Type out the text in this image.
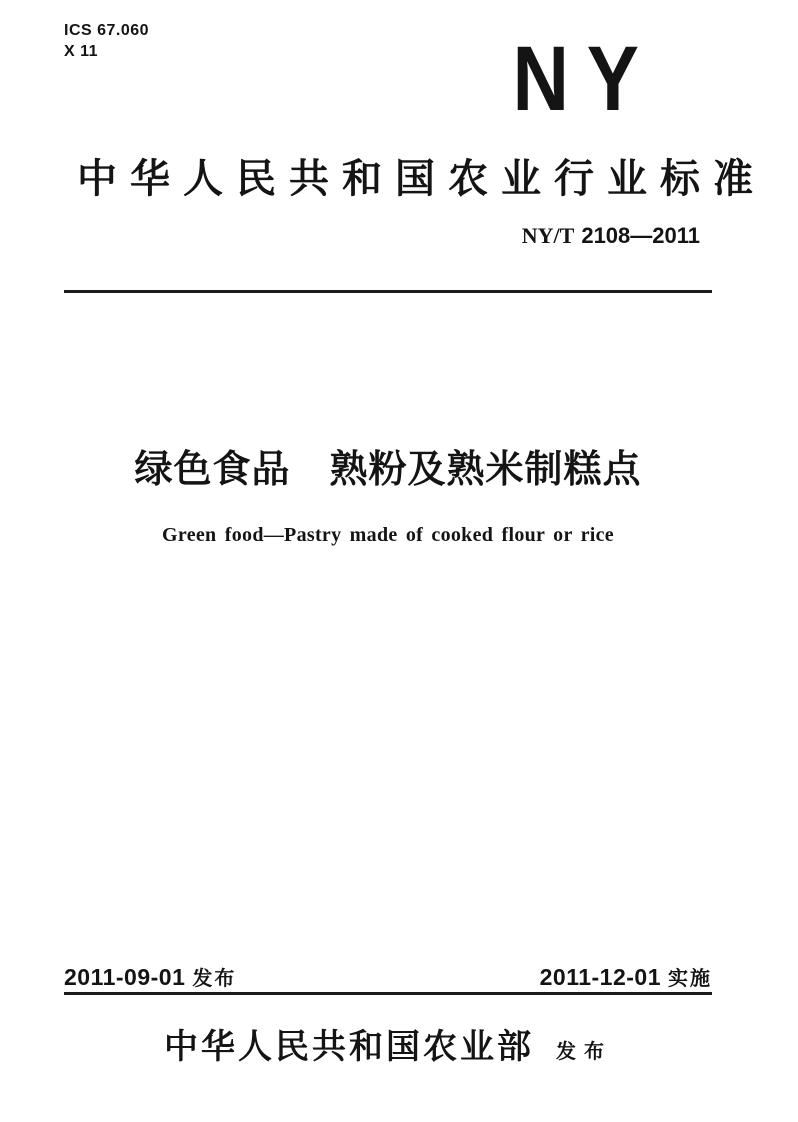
ICS 67.060
X 11	NY
中华人民共和国农业行业标准
NY/T 2108—2011
绿色食品　熟粉及熟米制糕点
Green food—Pastry made of cooked flour or rice
2011-09-01 发布	2011-12-01 实施
中华人民共和国农业部 发布
